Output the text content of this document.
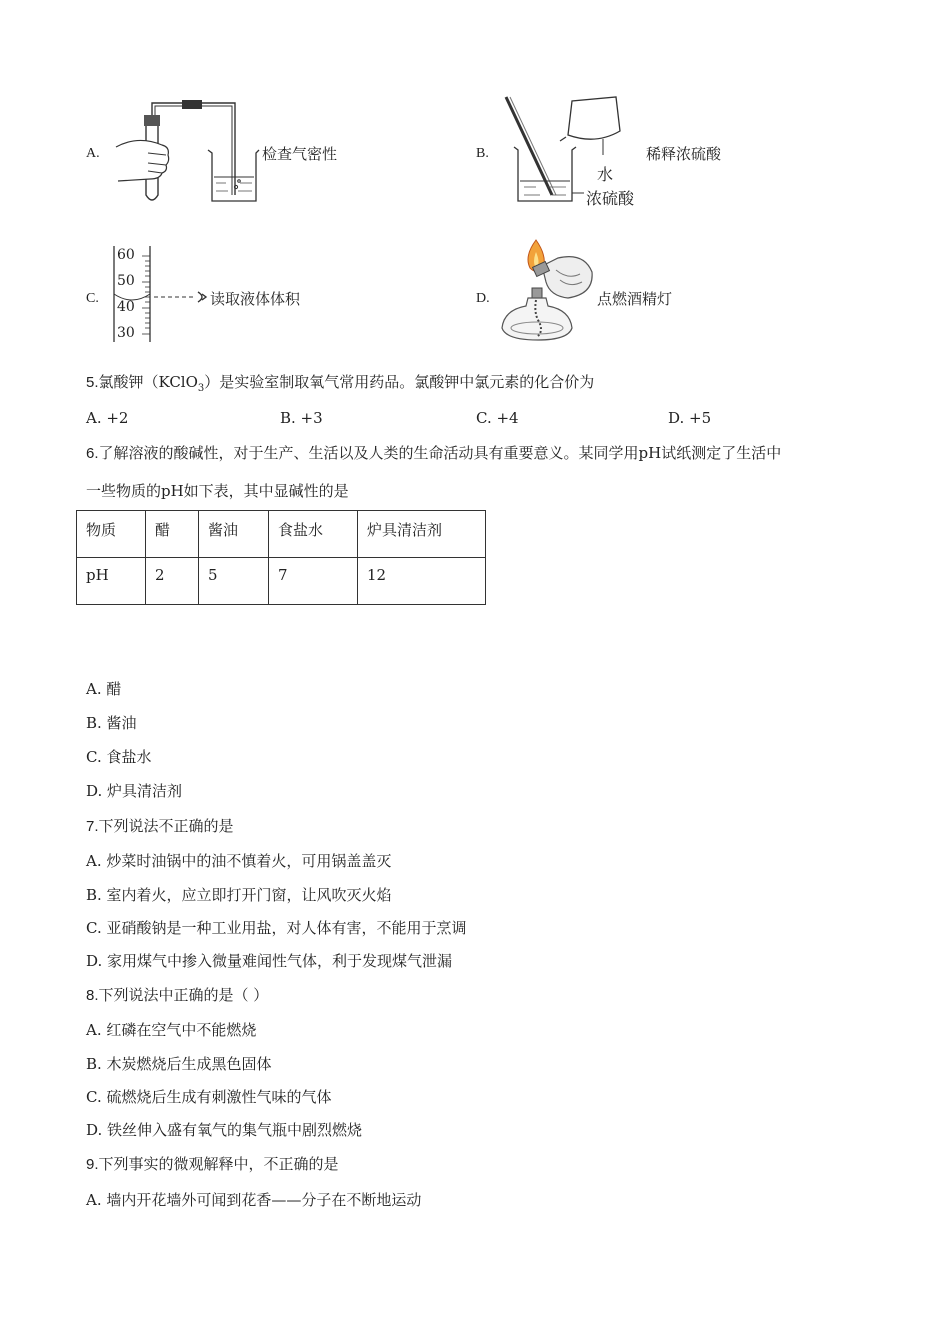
A.	检查气密性	B.
水
浓硫酸
稀释浓硫酸
C.
60
50
40
30
读取液体体积	D.	点燃酒精灯
5.氯酸钾（KClO$_3$）是实验室制取氧气常用药品。氯酸钾中氯元素的化合价为
A. +2	B. +3	C. +4	D. +5
6.了解溶液的酸碱性，对于生产、生活以及人类的生命活动具有重要意义。某同学用pH试纸测定了生活中
一些物质的pH如下表，其中显碱性的是
物质	醋	酱油	食盐水	炉具清洁剂
pH	2	5	7	12
A. 醋
B. 酱油
C. 食盐水
D. 炉具清洁剂
7.下列说法不正确的是
A. 炒菜时油锅中的油不慎着火，可用锅盖盖灭
B. 室内着火，应立即打开门窗，让风吹灭火焰
C. 亚硝酸钠是一种工业用盐，对人体有害，不能用于烹调
D. 家用煤气中掺入微量难闻性气体，利于发现煤气泄漏
8.下列说法中正确的是（ ）
A. 红磷在空气中不能燃烧
B. 木炭燃烧后生成黑色固体
C. 硫燃烧后生成有刺激性气味的气体
D. 铁丝伸入盛有氧气的集气瓶中剧烈燃烧
9.下列事实的微观解释中，不正确的是
A. 墙内开花墙外可闻到花香——分子在不断地运动
